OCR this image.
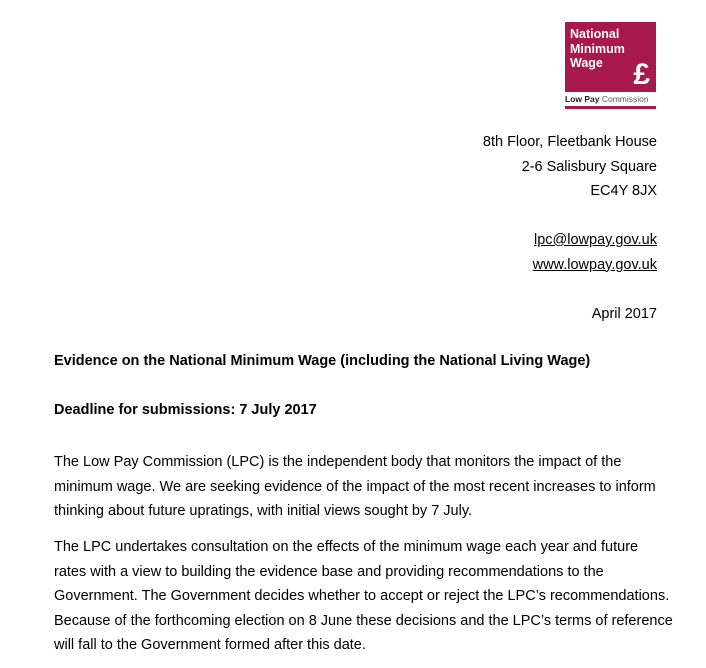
National
Minimum
Wage	£
Low Pay Commission
8th Floor, Fleetbank House
2-6 Salisbury Square
EC4Y 8JX
lpc@lowpay.gov.uk
www.lowpay.gov.uk
April 2017
Evidence on the National Minimum Wage (including the National Living Wage)
Deadline for submissions: 7 July 2017
The Low Pay Commission (LPC) is the independent body that monitors the impact of the minimum wage. We are seeking evidence of the impact of the most recent increases to inform thinking about future upratings, with initial views sought by 7 July.
The LPC undertakes consultation on the effects of the minimum wage each year and future rates with a view to building the evidence base and providing recommendations to the Government. The Government decides whether to accept or reject the LPC’s recommendations. Because of the forthcoming election on 8 June these decisions and the LPC’s terms of reference will fall to the Government formed after this date.
